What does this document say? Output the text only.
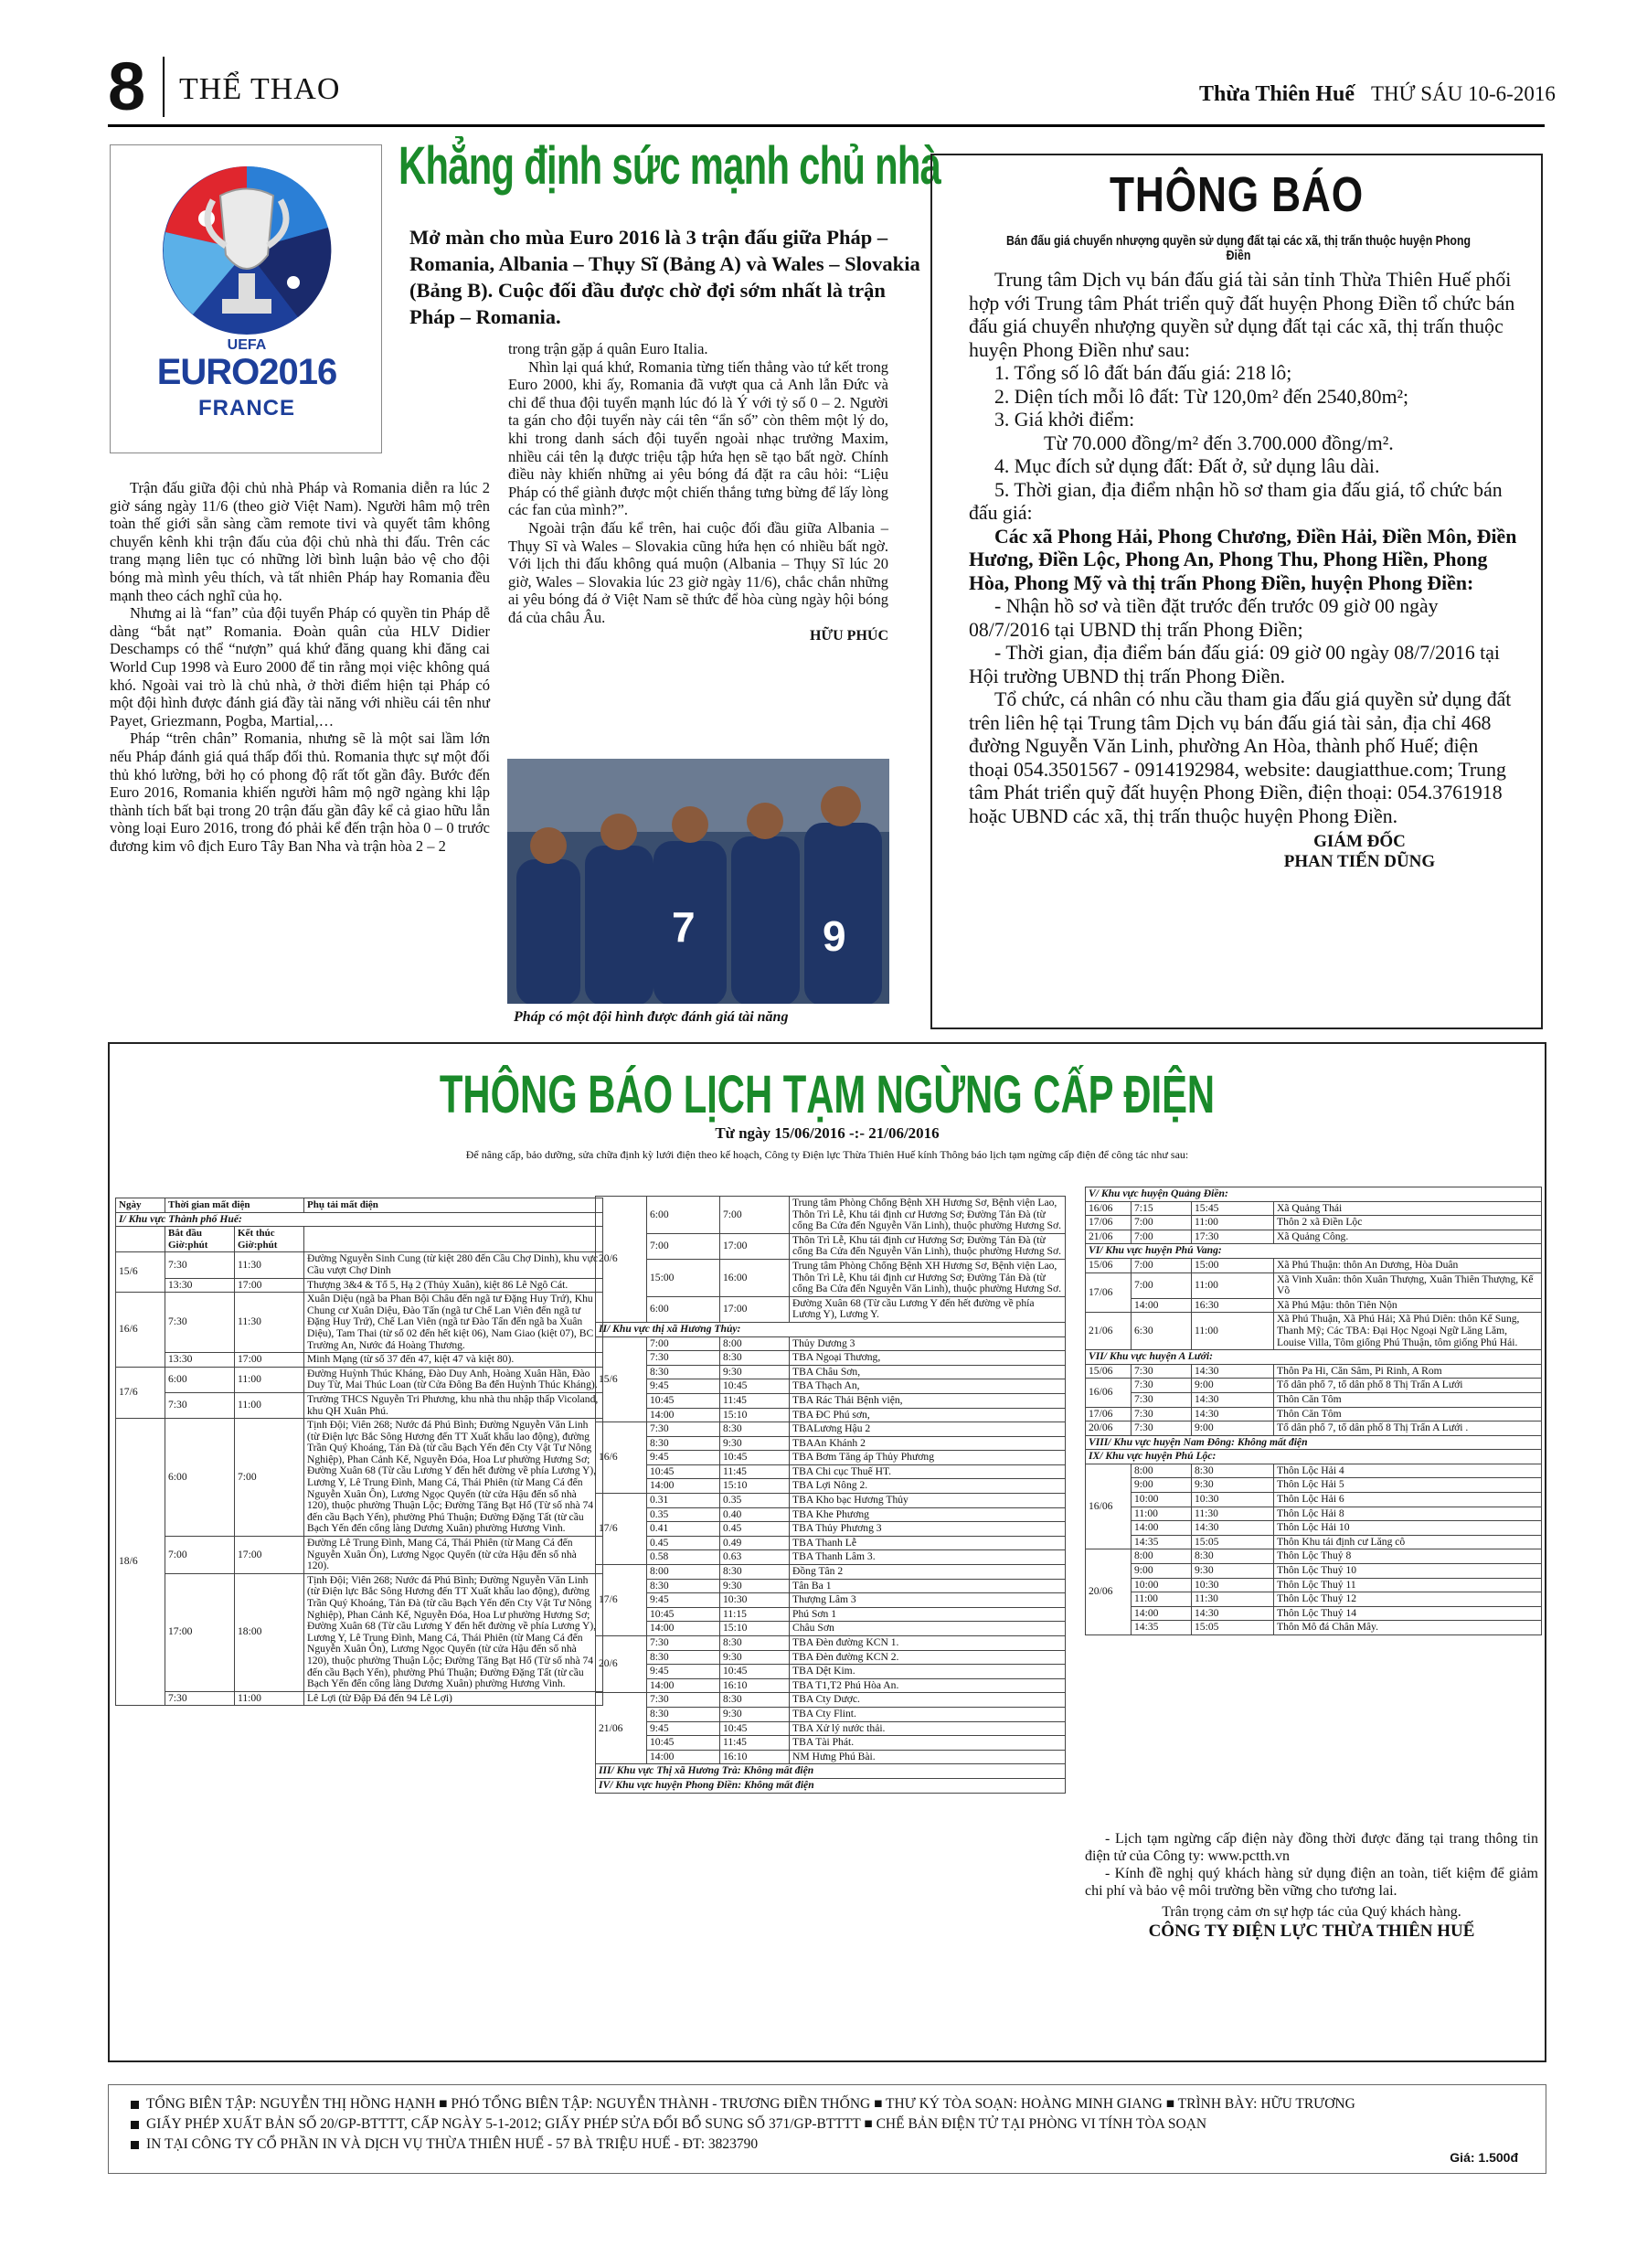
8 THỂ THAO	Thừa Thiên Huế THỨ SÁU 10-6-2016
UEFA
EURO2016
FRANCE
Khẳng định sức mạnh chủ nhà
Mở màn cho mùa Euro 2016 là 3 trận đấu giữa Pháp – Romania, Albania – Thụy Sĩ (Bảng A) và Wales – Slovakia (Bảng B). Cuộc đối đầu được chờ đợi sớm nhất là trận Pháp – Romania.

Trận đấu giữa đội chủ nhà Pháp và Romania diễn ra lúc 2 giờ sáng ngày 11/6 (theo giờ Việt Nam). Người hâm mộ trên toàn thế giới sẵn sàng cầm remote tivi và quyết tâm không chuyển kênh khi trận đấu của đội chủ nhà thi đấu. Trên các trang mạng liên tục có những lời bình luận bảo vệ cho đội bóng mà mình yêu thích, và tất nhiên Pháp hay Romania đều mạnh theo cách nghĩ của họ.

Nhưng ai là “fan” của đội tuyển Pháp có quyền tin Pháp dễ dàng “bắt nạt” Romania. Đoàn quân của HLV Didier Deschamps có thể “nượn” quá khứ đăng quang khi đăng cai World Cup 1998 và Euro 2000 để tin rằng mọi việc không quá khó. Ngoài vai trò là chủ nhà, ở thời điểm hiện tại Pháp có một đội hình được đánh giá đầy tài năng với nhiều cái tên như Payet, Griezmann, Pogba, Martial,…

Pháp “trên chân” Romania, nhưng sẽ là một sai lầm lớn nếu Pháp đánh giá quá thấp đối thủ. Romania thực sự một đối thủ khó lường, bởi họ có phong độ rất tốt gần đây. Bước đến Euro 2016, Romania khiến người hâm mộ ngỡ ngàng khi lập thành tích bất bại trong 20 trận đấu gần đây kể cả giao hữu lẫn vòng loại Euro 2016, trong đó phải kể đến trận hòa 0 – 0 trước đương kim vô địch Euro Tây Ban Nha và trận hòa 2 – 2

trong trận gặp á quân Euro Italia.

Nhìn lại quá khứ, Romania từng tiến thẳng vào tứ kết trong Euro 2000, khi ấy, Romania đã vượt qua cả Anh lẫn Đức và chỉ để thua đội tuyển mạnh lúc đó là Ý với tỷ số 0 – 2. Người ta gán cho đội tuyển này cái tên “ẩn số” còn thêm một lý do, khi trong danh sách đội tuyển ngoài nhạc trưởng Maxim, nhiều cái tên lạ được triệu tập hứa hẹn sẽ tạo bất ngờ. Chính điều này khiến những ai yêu bóng đá đặt ra câu hỏi: “Liệu Pháp có thể giành được một chiến thắng tưng bừng để lấy lòng các fan của mình?”.

Ngoài trận đấu kể trên, hai cuộc đối đầu giữa Albania – Thụy Sĩ và Wales – Slovakia cũng hứa hẹn có nhiều bất ngờ. Với lịch thi đấu không quá muộn (Albania – Thụy Sĩ lúc 20 giờ, Wales – Slovakia lúc 23 giờ ngày 11/6), chắc chắn những ai yêu bóng đá ở Việt Nam sẽ thức để hòa cùng ngày hội bóng đá của châu Âu.

HỮU PHÚC
7	9
Pháp có một đội hình được đánh giá tài năng
THÔNG BÁO
Bán đấu giá chuyển nhượng quyền sử dụng đất tại các xã, thị trấn thuộc huyện Phong Điền

Trung tâm Dịch vụ bán đấu giá tài sản tỉnh Thừa Thiên Huế phối hợp với Trung tâm Phát triển quỹ đất huyện Phong Điền tổ chức bán đấu giá chuyển nhượng quyền sử dụng đất tại các xã, thị trấn thuộc huyện Phong Điền như sau:

1. Tổng số lô đất bán đấu giá: 218 lô;

2. Diện tích mỗi lô đất: Từ 120,0m² đến 2540,80m²;

3. Giá khởi điểm:

Từ 70.000 đồng/m² đến 3.700.000 đồng/m².

4. Mục đích sử dụng đất: Đất ở, sử dụng lâu dài.

5. Thời gian, địa điểm nhận hồ sơ tham gia đấu giá, tổ chức bán đấu giá:

Các xã Phong Hải, Phong Chương, Điền Hải, Điền Môn, Điền Hương, Điền Lộc, Phong An, Phong Thu, Phong Hiền, Phong Hòa, Phong Mỹ và thị trấn Phong Điền, huyện Phong Điền:

- Nhận hồ sơ và tiền đặt trước đến trước 09 giờ 00 ngày 08/7/2016 tại UBND thị trấn Phong Điền;

- Thời gian, địa điểm bán đấu giá: 09 giờ 00 ngày 08/7/2016 tại Hội trường UBND thị trấn Phong Điền.

Tổ chức, cá nhân có nhu cầu tham gia đấu giá quyền sử dụng đất trên liên hệ tại Trung tâm Dịch vụ bán đấu giá tài sản, địa chỉ 468 đường Nguyễn Văn Linh, phường An Hòa, thành phố Huế; điện thoại 054.3501567 - 0914192984, website: daugiatthue.com; Trung tâm Phát triển quỹ đất huyện Phong Điền, điện thoại: 054.3761918 hoặc UBND các xã, thị trấn thuộc huyện Phong Điền.

GIÁM ĐỐC
PHAN TIẾN DŨNG
THÔNG BÁO LỊCH TẠM NGỪNG CẤP ĐIỆN
Từ ngày 15/06/2016 -:- 21/06/2016
Để nâng cấp, bảo dưỡng, sửa chữa định kỳ lưới điện theo kế hoạch, Công ty Điện lực Thừa Thiên Huế kính Thông báo lịch tạm ngừng cấp điện để công tác như sau:
Ngày	Thời gian mất điện		Phụ tải mất điện
I/ Khu vực Thành phố Huế:			
	Bắt đầu Giờ:phút	Kết thúc Giờ:phút	
15/6	7:30	11:30	Đường Nguyễn Sinh Cung (từ kiệt 280 đến Cầu Chợ Dinh), khu vực Cầu vượt Chợ Dinh
	13:30	17:00	Thượng 3&4 & Tổ 5, Hạ 2 (Thủy Xuân), kiệt 86 Lê Ngô Cát.
16/6	7:30	11:30	Xuân Diệu (ngã ba Phan Bội Châu đến ngã tư Đặng Huy Trứ), Khu Chung cư Xuân Diệu, Đào Tấn (ngã tư Chế Lan Viên đến ngã tư Đặng Huy Trứ), Chế Lan Viên (ngã tư Đào Tấn đến ngã ba Xuân Diệu), Tam Thai (từ số 02 đến hết kiệt 06), Nam Giao (kiệt 07), BC Trường An, Nước đá Hoàng Thương.
	13:30	17:00	Minh Mạng (từ số 37 đến 47, kiệt 47 và kiệt 80).
17/6	6:00	11:00	Đường Huỳnh Thúc Kháng, Đào Duy Anh, Hoàng Xuân Hãn, Đào Duy Từ, Mai Thúc Loan (từ Cửa Đông Ba đến Huỳnh Thúc Kháng).
	7:30	11:00	Trường THCS Nguyễn Tri Phương, khu nhà thu nhập thấp Vicoland, khu QH Xuân Phú.
18/6	6:00	7:00	Tịnh Đội; Viên 268; Nước đá Phú Bình; Đường Nguyễn Văn Linh (từ Điện lực Bắc Sông Hương đến TT Xuất khẩu lao động), đường Trần Quý Khoáng, Tản Đà (từ cầu Bạch Yến đến Cty Vật Tư Nông Nghiệp), Phan Cảnh Kế, Nguyễn Đóa, Hoa Lư phường Hương Sơ; Đường Xuân 68 (Từ cầu Lương Y đến hết đường về phía Lương Y), Lương Y, Lê Trung Đình, Mang Cá, Thái Phiên (từ Mang Cá đến Nguyễn Xuân Ôn), Lương Ngọc Quyến (từ cửa Hậu đến số nhà 120), thuộc phường Thuận Lộc; Đường Tăng Bạt Hổ (Từ số nhà 74 đến cầu Bạch Yến), phường Phú Thuận; Đường Đặng Tất (từ cầu Bạch Yến đến cổng làng Dương Xuân) phường Hương Vinh.
	7:00	17:00	Đường Lê Trung Đình, Mang Cá, Thái Phiên (từ Mang Cá đến Nguyễn Xuân Ôn), Lương Ngọc Quyến (từ cửa Hậu đến số nhà 120).
	17:00	18:00	Tịnh Đội; Viên 268; Nước đá Phú Bình; Đường Nguyễn Văn Linh (từ Điện lực Bắc Sông Hương đến TT Xuất khẩu lao động), đường Trần Quý Khoáng, Tản Đà (từ cầu Bạch Yến đến Cty Vật Tư Nông Nghiệp), Phan Cảnh Kế, Nguyễn Đóa, Hoa Lư phường Hương Sơ; Đường Xuân 68 (Từ cầu Lương Y đến hết đường về phía Lương Y), Lương Y, Lê Trung Đình, Mang Cá, Thái Phiên (từ Mang Cá đến Nguyễn Xuân Ôn), Lương Ngọc Quyến (từ cửa Hậu đến số nhà 120), thuộc phường Thuận Lộc; Đường Tăng Bạt Hổ (Từ số nhà 74 đến cầu Bạch Yến), phường Phú Thuận; Đường Đặng Tất (từ cầu Bạch Yến đến cổng làng Dương Xuân) phường Hương Vinh.
	7:30	11:00	Lê Lợi (từ Đập Đá đến 94 Lê Lợi)
20/6	6:00	7:00	Trung tâm Phòng Chống Bệnh XH Hương Sơ, Bệnh viện Lao, Thôn Trì Lễ, Khu tái định cư Hương Sơ; Đường Tản Đà (từ cổng Ba Cửa đến Nguyễn Văn Linh), thuộc phường Hương Sơ.
	7:00	17:00	Thôn Trì Lễ, Khu tái định cư Hương Sơ; Đường Tản Đà (từ cổng Ba Cửa đến Nguyễn Văn Linh), thuộc phường Hương Sơ.
	15:00	16:00	Trung tâm Phòng Chống Bệnh XH Hương Sơ, Bệnh viện Lao, Thôn Trì Lễ, Khu tái định cư Hương Sơ; Đường Tản Đà (từ cổng Ba Cửa đến Nguyễn Văn Linh), thuộc phường Hương Sơ.
	6:00	17:00	Đường Xuân 68 (Từ cầu Lương Y đến hết đường về phía Lương Y), Lương Y.
II/ Khu vực thị xã Hương Thủy:			
15/6	7:00	8:00	Thủy Dương 3
	7:30	8:30	TBA Ngoại Thương,
	8:30	9:30	TBA Châu Sơn,
	9:45	10:45	TBA Thạch An,
	10:45	11:45	TBA Rác Thải Bệnh viện,
	14:00	15:10	TBA ĐC Phú sơn,
16/6	7:30	8:30	TBALương Hậu 2
	8:30	9:30	TBAAn Khánh 2
	9:45	10:45	TBA Bơm Tăng áp Thủy Phương
	10:45	11:45	TBA Chi cục Thuế HT.
	14:00	15:10	TBA Lợi Nông 2.
17/6	0.31	0.35	TBA Kho bạc Hương Thủy
	0.35	0.40	TBA Khe Phương
	0.41	0.45	TBA Thủy Phương 3
	0.45	0.49	TBA Thanh Lễ
	0.58	0.63	TBA Thanh Lâm 3.
17/6	8:00	8:30	Đồng Tân 2
	8:30	9:30	Tân Ba 1
	9:45	10:30	Thượng Lâm 3
	10:45	11:15	Phú Sơn 1
	14:00	15:10	Châu Sơn
20/6	7:30	8:30	TBA Đèn đường KCN 1.
	8:30	9:30	TBA Đèn đường KCN 2.
	9:45	10:45	TBA Dệt Kim.
	14:00	16:10	TBA T1,T2 Phú Hòa An.
21/06	7:30	8:30	TBA Cty Dược.
	8:30	9:30	TBA Cty Flint.
	9:45	10:45	TBA Xử lý nước thải.
	10:45	11:45	TBA Tài Phát.
	14:00	16:10	NM Hưng Phú Bài.
III/ Khu vực Thị xã Hương Trà: Không mất điện			
IV/ Khu vực huyện Phong Điền: Không mất điện			
V/ Khu vực huyện Quảng Điền:			
16/06	7:15	15:45	Xã Quảng Thái
17/06	7:00	11:00	Thôn 2 xã Điền Lộc
21/06	7:00	17:30	Xã Quảng Công.
VI/ Khu vực huyện Phú Vang:			
15/06	7:00	15:00	Xã Phú Thuận: thôn An Dương, Hòa Duân
17/06	7:00	11:00	Xã Vinh Xuân: thôn Xuân Thượng, Xuân Thiên Thượng, Kế Võ
	14:00	16:30	Xã Phú Mậu: thôn Tiên Nộn
21/06	6:30	11:00	Xã Phú Thuận, Xã Phú Hải; Xã Phú Diên: thôn Kế Sung, Thanh Mỹ; Các TBA: Đại Học Ngoại Ngữ Lăng Lăm, Louise Villa, Tôm giống Phú Thuận, tôm giống Phú Hải.
VII/ Khu vực huyện A Lưới:			
15/06	7:30	14:30	Thôn Pa Hi, Căn Sâm, Pi Rinh, A Rom
16/06	7:30	9:00	Tổ dân phố 7, tổ dân phố 8 Thị Trấn A Lưới
	7:30	14:30	Thôn Căn Tôm
17/06	7:30	14:30	Thôn Căn Tôm
20/06	7:30	9:00	Tổ dân phố 7, tổ dân phố 8 Thị Trấn A Lưới .
VIII/ Khu vực huyện Nam Đông: Không mất điện			
IX/ Khu vực huyện Phú Lộc:			
16/06	8:00	8:30	Thôn Lộc Hải 4
	9:00	9:30	Thôn Lộc Hải 5
	10:00	10:30	Thôn Lộc Hải 6
	11:00	11:30	Thôn Lộc Hải 8
	14:00	14:30	Thôn Lộc Hải 10
	14:35	15:05	Thôn Khu tái định cư Lăng cô
20/06	8:00	8:30	Thôn Lộc Thuỷ 8
	9:00	9:30	Thôn Lộc Thuỷ 10
	10:00	10:30	Thôn Lộc Thuỷ 11
	11:00	11:30	Thôn Lộc Thuỷ 12
	14:00	14:30	Thôn Lộc Thuỷ 14
	14:35	15:05	Thôn Mô đá Chân Mây.

- Lịch tạm ngừng cấp điện này đồng thời được đăng tại trang thông tin điện tử của Công ty: www.pctth.vn

- Kính đề nghị quý khách hàng sử dụng điện an toàn, tiết kiệm để giảm chi phí và bảo vệ môi trường bền vững cho tương lai.

Trân trọng cảm ơn sự hợp tác của Quý khách hàng.
CÔNG TY ĐIỆN LỰC THỪA THIÊN HUẾ
TỔNG BIÊN TẬP: NGUYỄN THỊ HỒNG HẠNH ■ PHÓ TỔNG BIÊN TẬP: NGUYỄN THÀNH - TRƯƠNG ĐIỀN THỐNG ■ THƯ KÝ TÒA SOẠN: HOÀNG MINH GIANG ■ TRÌNH BÀY: HỮU TRƯƠNG
GIẤY PHÉP XUẤT BẢN SỐ 20/GP-BTTTT, CẤP NGÀY 5-1-2012; GIẤY PHÉP SỬA ĐỔI BỔ SUNG SỐ 371/GP-BTTTT ■ CHẾ BẢN ĐIỆN TỬ TẠI PHÒNG VI TÍNH TÒA SOẠN
IN TẠI CÔNG TY CỔ PHẦN IN VÀ DỊCH VỤ THỪA THIÊN HUẾ - 57 BÀ TRIỆU HUẾ - ĐT: 3823790
Giá: 1.500đ
